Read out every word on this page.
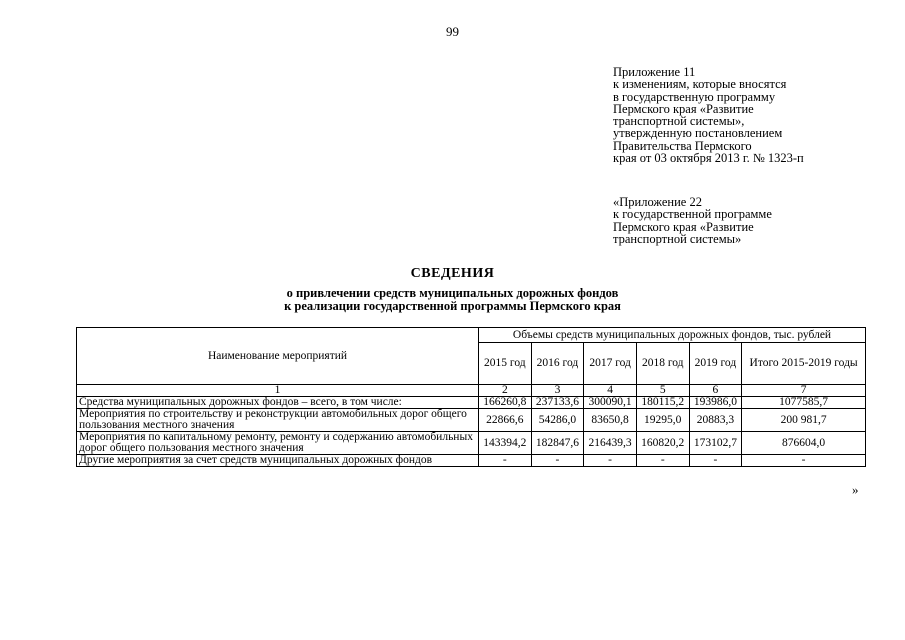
99
Приложение 11
к изменениям, которые вносятся
в государственную программу
Пермского края «Развитие
транспортной системы»,
утвержденную постановлением
Правительства Пермского
края от 03 октября 2013 г. № 1323-п
«Приложение 22
к государственной программе
Пермского края «Развитие
транспортной системы»
СВЕДЕНИЯ
о привлечении средств муниципальных дорожных фондов
к реализации государственной программы Пермского края
Наименование мероприятий	Объемы средств муниципальных дорожных фондов, тыс. рублей					
	2015 год	2016 год	2017 год	2018 год	2019 год	Итого 2015-2019 годы
1	2	3	4	5	6	7
Средства муниципальных дорожных фондов – всего, в том числе:	166260,8	237133,6	300090,1	180115,2	193986,0	1077585,7
Мероприятия по строительству и реконструкции автомобильных дорог общего пользования местного значения	22866,6	54286,0	83650,8	19295,0	20883,3	200 981,7
Мероприятия по капитальному ремонту, ремонту и содержанию автомобильных дорог общего пользования местного значения	143394,2	182847,6	216439,3	160820,2	173102,7	876604,0
Другие мероприятия за счет средств муниципальных дорожных фондов	-	-	-	-	-	-
»
